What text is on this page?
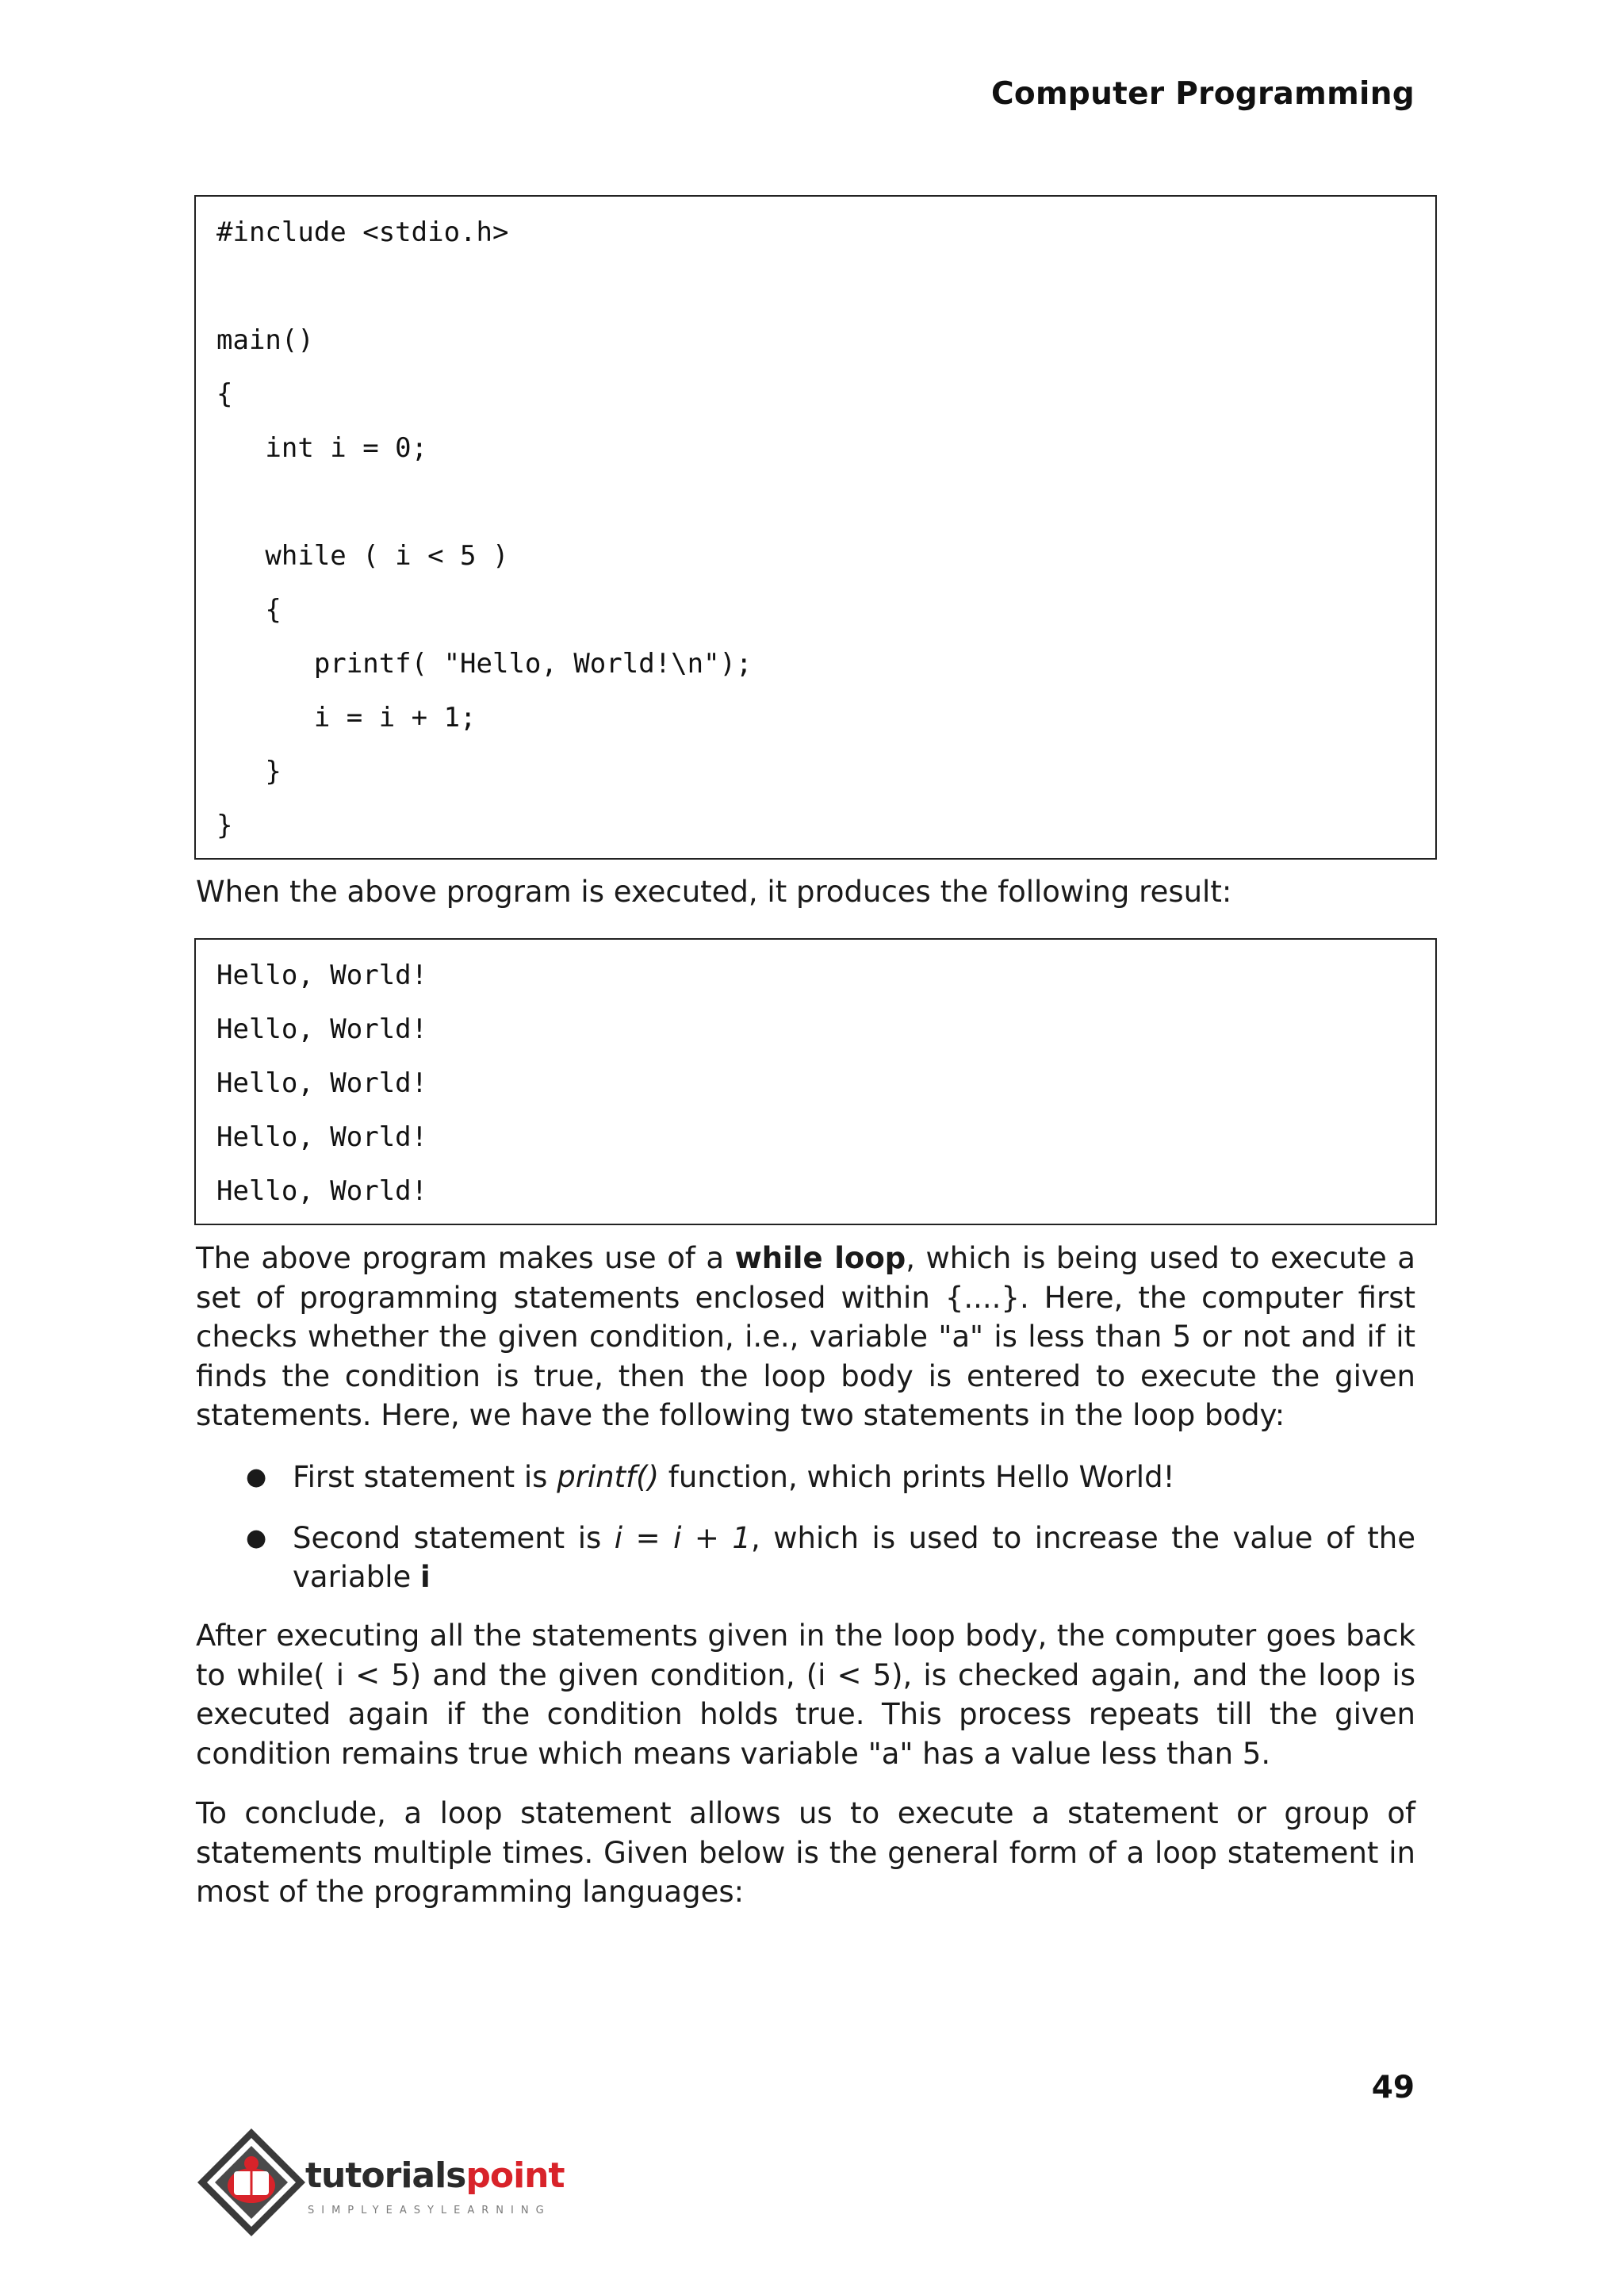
Computer Programming
#include <stdio.h>
main()
{
int i = 0;
while ( i < 5 )
{
printf( "Hello, World!\n");
i = i + 1;
}
}

When the above program is executed, it produces the following result:

Hello, World!
Hello, World!
Hello, World!
Hello, World!
Hello, World!

The above program makes use of a while loop, which is being used to execute a set of programming statements enclosed within {....}. Here, the computer first checks whether the given condition, i.e., variable "a" is less than 5 or not and if it finds the condition is true, then the loop body is entered to execute the given statements. Here, we have the following two statements in the loop body:

● First statement is printf() function, which prints Hello World!
● Second statement is i = i + 1, which is used to increase the value of the variable i

After executing all the statements given in the loop body, the computer goes back to while( i < 5) and the given condition, (i < 5), is checked again, and the loop is executed again if the condition holds true. This process repeats till the given condition remains true which means variable "a" has a value less than 5.

To conclude, a loop statement allows us to execute a statement or group of statements multiple times. Given below is the general form of a loop statement in most of the programming languages:

49
tutorialspoint
SIMPLYEASYLEARNING
